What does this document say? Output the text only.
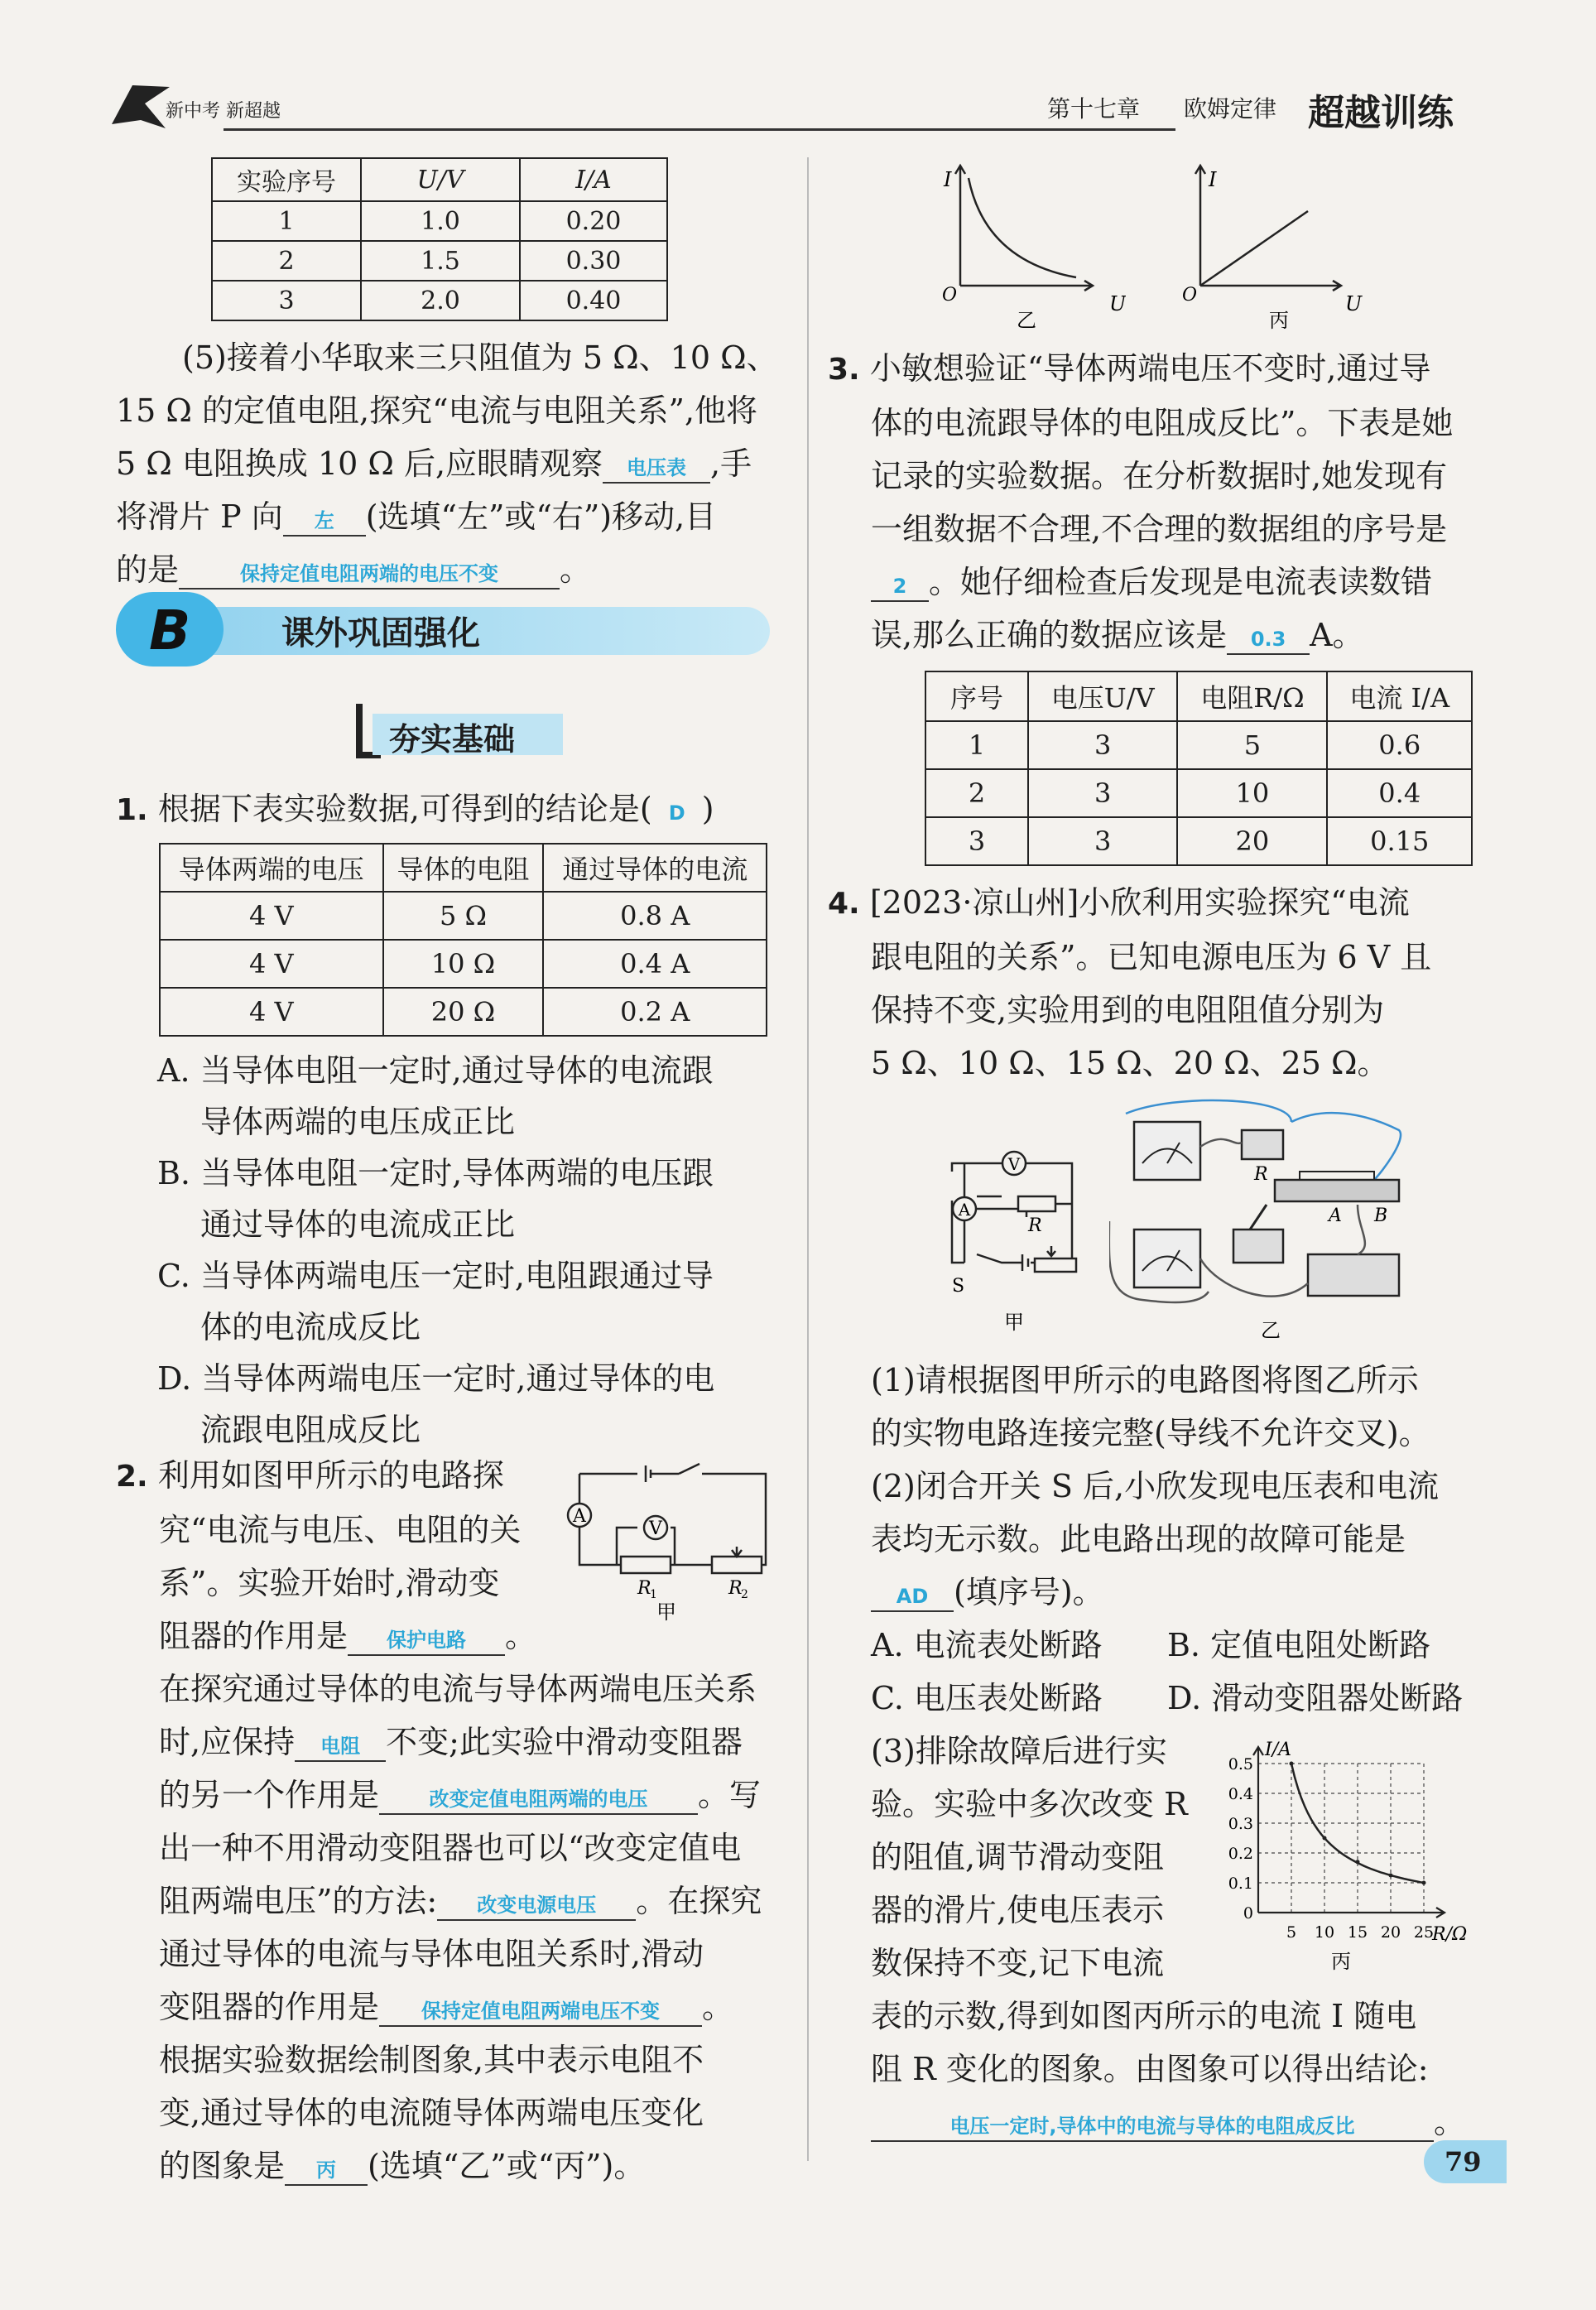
新中考 新超越	第十七章 欧姆定律 超越训练
实验序号	U/V	I/A
1	1.0	0.20
2	1.5	0.30
3	2.0	0.40
(5)接着小华取来三只阻值为 5 Ω、10 Ω、
15 Ω 的定值电阻,探究“电流与电阻关系”,他将
5 Ω 电阻换成 10 Ω 后,应眼睛观察 电压表 ,手
将滑片 P 向 左 (选填“左”或“右”)移动,目
的是	保持定值电阻两端的电压不变 。
B	课外巩固强化
夯实基础
1. 根据下表实验数据,可得到的结论是( D )
导体两端的电压	导体的电阻	通过导体的电流
4 V	5 Ω	0.8 A
4 V	10 Ω	0.4 A
4 V	20 Ω	0.2 A
A. 当导体电阻一定时,通过导体的电流跟
导体两端的电压成正比
B. 当导体电阻一定时,导体两端的电压跟
通过导体的电流成正比
C. 当导体两端电压一定时,电阻跟通过导
体的电流成反比
D. 当导体两端电压一定时,通过导体的电
流跟电阻成反比
2. 利用如图甲所示的电路探
究“电流与电压、电阻的关
系”。实验开始时,滑动变
阻器的作用是 保护电路 。
在探究通过导体的电流与导体两端电压关系
时,应保持 电阻 不变;此实验中滑动变阻器
的另一个作用是	改变定值电阻两端的电压 。写
出一种不用滑动变阻器也可以“改变定值电
阻两端电压”的方法: 改变电源电压 。在探究
通过导体的电流与导体电阻关系时,滑动
变阻器的作用是 保持定值电阻两端电压不变 。
根据实验数据绘制图象,其中表示电阻不
变,通过导体的电流随导体两端电压变化
的图象是 丙 (选填“乙”或“丙”)。
A
V
R
1	R
2
甲
I
U
O
乙
I
U
O
丙
3. 小敏想验证“导体两端电压不变时,通过导
体的电流跟导体的电阻成反比”。下表是她
记录的实验数据。在分析数据时,她发现有
一组数据不合理,不合理的数据组的序号是
2 。她仔细检查后发现是电流表读数错
误,那么正确的数据应该是 0.3 A。
序号	电压U/V	电阻R/Ω	电流 I/A
1	3	5	0.6
2	3	10	0.4
3	3	20	0.15
4. [2023·凉山州]小欣利用实验探究“电流
跟电阻的关系”。已知电源电压为 6 V 且
保持不变,实验用到的电阻阻值分别为
5 Ω、10 Ω、15 Ω、20 Ω、25 Ω。
V
A
R
S
甲
R
A B
乙
(1)请根据图甲所示的电路图将图乙所示
的实物电路连接完整(导线不允许交叉)。
(2)闭合开关 S 后,小欣发现电压表和电流
表均无示数。此电路出现的故障可能是
AD (填序号)。
A. 电流表处断路 B. 定值电阻处断路
C. 电压表处断路 D. 滑动变阻器处断路
(3)排除故障后进行实
验。实验中多次改变 R
的阻值,调节滑动变阻
器的滑片,使电压表示
数保持不变,记下电流
表的示数,得到如图丙所示的电流 I 随电
阻 R 变化的图象。由图象可以得出结论:
电压一定时,导体中的电流与导体的电阻成反比	。
0.5
0.4
0.3
0.2
0.1
0
5 10 15 20 25
I/A
R/Ω
丙
79
